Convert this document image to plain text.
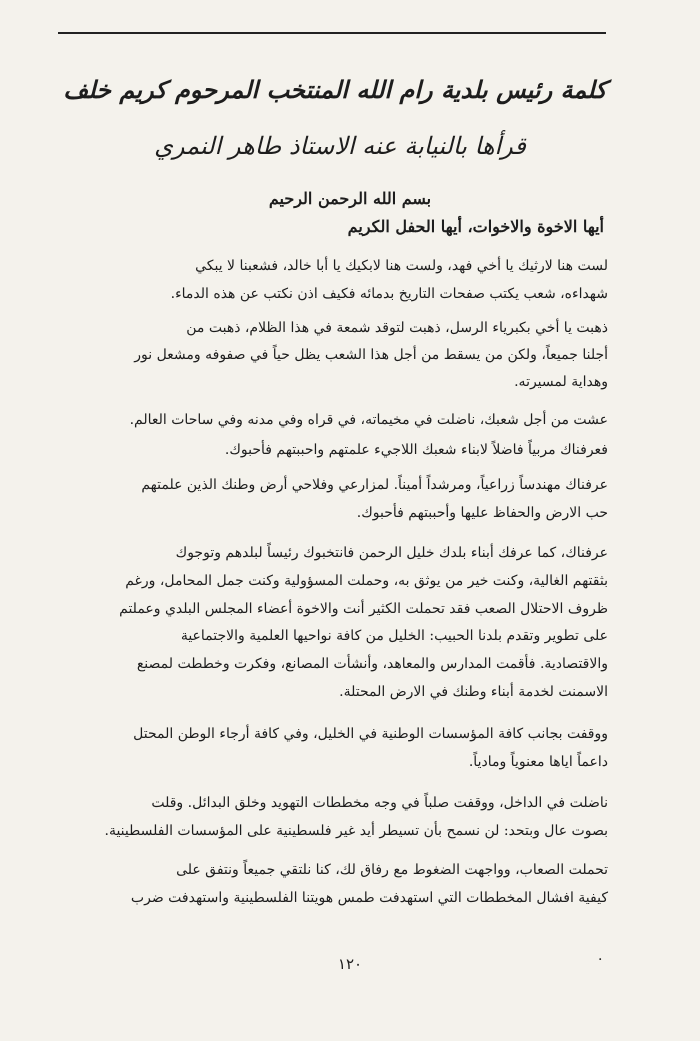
كلمة رئيس بلدية رام الله المنتخب المرحوم كريم خلف
قرأها بالنيابة عنه الاستاذ طاهر النمري
بسم الله الرحمن الرحيم
أيها الاخوة والاخوات، أيها الحفل الكريم
لست هنا لارثيك يا أخي فهد، ولست هنا لابكيك يا أبا خالد، فشعبنا لا يبكي
شهداءه، شعب يكتب صفحات التاريخ بدمائه فكيف اذن نكتب عن هذه الدماء.
ذهبت يا أخي بكبرياء الرسل، ذهبت لتوقد شمعة في هذا الظلام، ذهبت من
أجلنا جميعاً، ولكن من يسقط من أجل هذا الشعب يظل حياً في صفوفه ومشعل نور
وهداية لمسيرته.
عشت من أجل شعبك، ناضلت في مخيماته، في قراه وفي مدنه وفي ساحات العالم.
فعرفناك مربياً فاضلاً لابناء شعبك اللاجيء علمتهم واحببتهم فأحبوك.
عرفناك مهندساً زراعياً، ومرشداً أميناً. لمزارعي وفلاحي أرض وطنك الذين علمتهم
حب الارض والحفاظ عليها وأحببتهم فأحبوك.
عرفناك، كما عرفك أبناء بلدك خليل الرحمن فانتخبوك رئيساً لبلدهم وتوجوك
بثقتهم الغالية، وكنت خير من يوثق به، وحملت المسؤولية وكنت جمل المحامل، ورغم
ظروف الاحتلال الصعب فقد تحملت الكثير أنت والاخوة أعضاء المجلس البلدي وعملتم
على تطوير وتقدم بلدنا الحبيب: الخليل من كافة نواحيها العلمية والاجتماعية
والاقتصادية. فأقمت المدارس والمعاهد، وأنشأت المصانع، وفكرت وخططت لمصنع
الاسمنت لخدمة أبناء وطنك في الارض المحتلة.
ووقفت بجانب كافة المؤسسات الوطنية في الخليل، وفي كافة أرجاء الوطن المحتل
داعماً اياها معنوياً ومادياً.
ناضلت في الداخل، ووقفت صلباً في وجه مخططات التهويد وخلق البدائل. وقلت
بصوت عال وبتحد: لن نسمح بأن تسيطر أيد غير فلسطينية على المؤسسات الفلسطينية.
تحملت الصعاب، وواجهت الضغوط مع رفاق لك، كنا نلتقي جميعاً ونتفق على
كيفية افشال المخططات التي استهدفت طمس هويتنا الفلسطينية واستهدفت ضرب
·
١٢٠
